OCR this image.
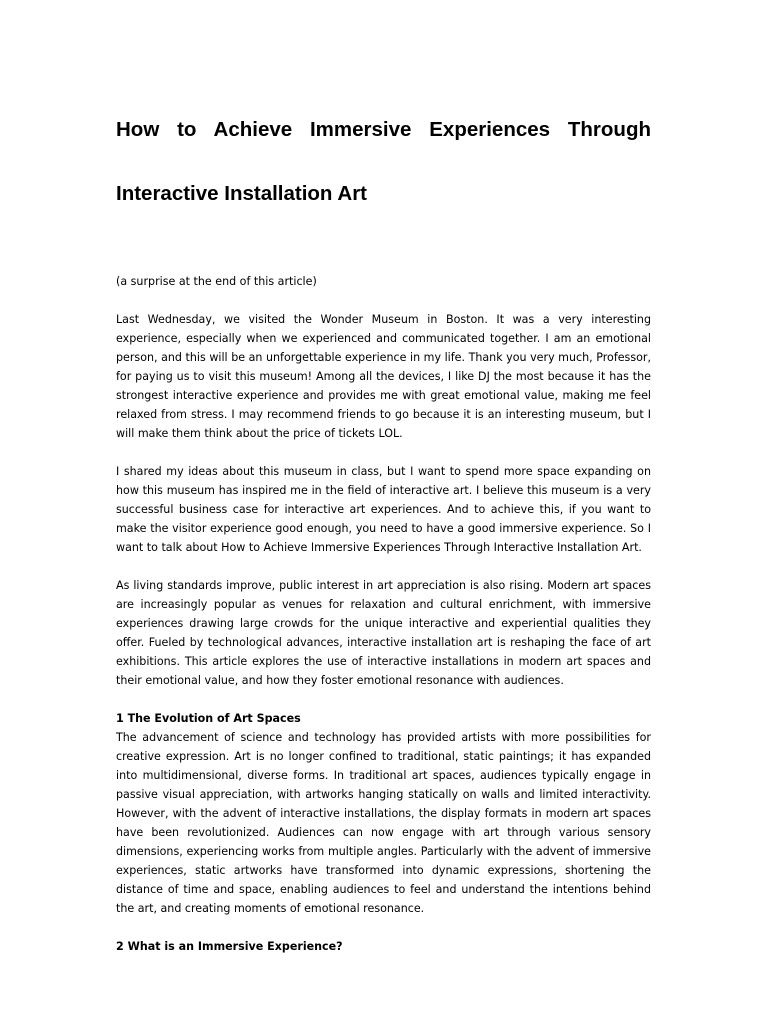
How to Achieve Immersive Experiences Through
Interactive Installation Art

(a surprise at the end of this article)

Last Wednesday, we visited the Wonder Museum in Boston. It was a very interesting experience, especially when we experienced and communicated together. I am an emotional person, and this will be an unforgettable experience in my life. Thank you very much, Professor, for paying us to visit this museum! Among all the devices, I like DJ the most because it has the strongest interactive experience and provides me with great emotional value, making me feel relaxed from stress. I may recommend friends to go because it is an interesting museum, but I will make them think about the price of tickets LOL.

I shared my ideas about this museum in class, but I want to spend more space expanding on how this museum has inspired me in the field of interactive art. I believe this museum is a very successful business case for interactive art experiences. And to achieve this, if you want to make the visitor experience good enough, you need to have a good immersive experience. So I want to talk about How to Achieve Immersive Experiences Through Interactive Installation Art.

As living standards improve, public interest in art appreciation is also rising. Modern art spaces are increasingly popular as venues for relaxation and cultural enrichment, with immersive experiences drawing large crowds for the unique interactive and experiential qualities they offer. Fueled by technological advances, interactive installation art is reshaping the face of art exhibitions. This article explores the use of interactive installations in modern art spaces and their emotional value, and how they foster emotional resonance with audiences.

1 The Evolution of Art Spaces

The advancement of science and technology has provided artists with more possibilities for creative expression. Art is no longer confined to traditional, static paintings; it has expanded into multidimensional, diverse forms. In traditional art spaces, audiences typically engage in passive visual appreciation, with artworks hanging statically on walls and limited interactivity. However, with the advent of interactive installations, the display formats in modern art spaces have been revolutionized. Audiences can now engage with art through various sensory dimensions, experiencing works from multiple angles. Particularly with the advent of immersive experiences, static artworks have transformed into dynamic expressions, shortening the distance of time and space, enabling audiences to feel and understand the intentions behind the art, and creating moments of emotional resonance.

2 What is an Immersive Experience?
